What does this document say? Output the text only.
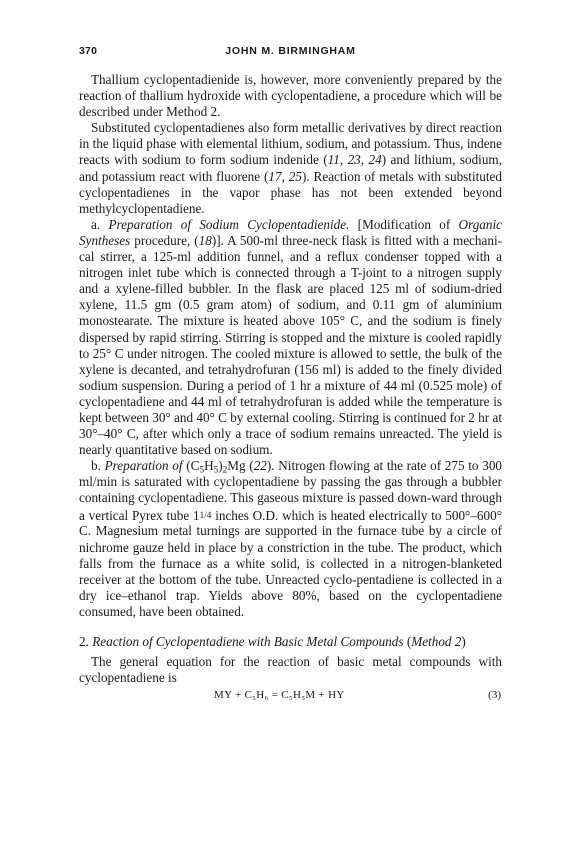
370	JOHN M. BIRMINGHAM

Thallium cyclopentadienide is, however, more conveniently prepared by the reaction of thallium hydroxide with cyclopentadiene, a procedure which will be described under Method 2.

Substituted cyclopentadienes also form metallic derivatives by direct reaction in the liquid phase with elemental lithium, sodium, and potassium. Thus, indene reacts with sodium to form sodium indenide (11, 23, 24) and lithium, sodium, and potassium react with fluorene (17, 25). Reaction of metals with substituted cyclopentadienes in the vapor phase has not been extended beyond methylcyclopentadiene.

a. Preparation of Sodium Cyclopentadienide. [Modification of Organic Syntheses procedure, (18)]. A 500-ml three-neck flask is fitted with a mechani-cal stirrer, a 125-ml addition funnel, and a reflux condenser topped with a nitrogen inlet tube which is connected through a T-joint to a nitrogen supply and a xylene-filled bubbler. In the flask are placed 125 ml of sodium-dried xylene, 11.5 gm (0.5 gram atom) of sodium, and 0.11 gm of aluminium monostearate. The mixture is heated above 105° C, and the sodium is finely dispersed by rapid stirring. Stirring is stopped and the mixture is cooled rapidly to 25° C under nitrogen. The cooled mixture is allowed to settle, the bulk of the xylene is decanted, and tetrahydrofuran (156 ml) is added to the finely divided sodium suspension. During a period of 1 hr a mixture of 44 ml (0.525 mole) of cyclopentadiene and 44 ml of tetrahydrofuran is added while the temperature is kept between 30° and 40° C by external cooling. Stirring is continued for 2 hr at 30°–40° C, after which only a trace of sodium remains unreacted. The yield is nearly quantitative based on sodium.

b. Preparation of $(C_5H_5)_2Mg$ (22). Nitrogen flowing at the rate of 275 to 300 ml/min is saturated with cyclopentadiene by passing the gas through a bubbler containing cyclopentadiene. This gaseous mixture is passed down-ward through a vertical Pyrex tube 11/4 inches O.D. which is heated electrically to 500°–600° C. Magnesium metal turnings are supported in the furnace tube by a circle of nichrome gauze held in place by a constriction in the tube. The product, which falls from the furnace as a white solid, is collected in a nitrogen-blanketed receiver at the bottom of the tube. Unreacted cyclo-pentadiene is collected in a dry ice–ethanol trap. Yields above 80%, based on the cyclopentadiene consumed, have been obtained.

2. Reaction of Cyclopentadiene with Basic Metal Compounds (Method 2)

The general equation for the reaction of basic metal compounds with cyclopentadiene is

MY + C₅H₆ = C₅H₅M + HY	(3)
